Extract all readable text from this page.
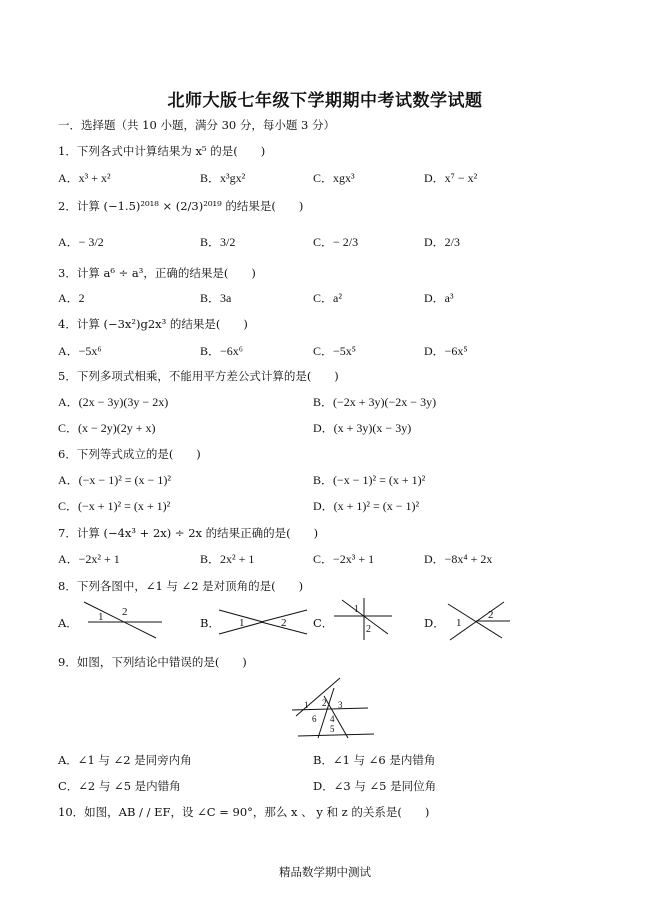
北师大版七年级下学期期中考试数学试题
一．选择题（共 10 小题，满分 30 分，每小题 3 分）
1．下列各式中计算结果为 x⁵ 的是(　　)
A．x³ + x²	B．x³gx²	C．xgx³	D．x⁷ − x²
2．计算 (−1.5)²⁰¹⁸ × (2/3)²⁰¹⁹ 的结果是(　　)
A．− 3/2	B．3/2	C．− 2/3	D．2/3
3．计算 a⁶ ÷ a³，正确的结果是(　　)
A．2	B．3a	C．a²	D．a³
4．计算 (−3x²)g2x³ 的结果是(　　)
A．−5x⁶	B．−6x⁶	C．−5x⁵	D．−6x⁵
5．下列多项式相乘，不能用平方差公式计算的是(　　)
A．(2x − 3y)(3y − 2x)	B．(−2x + 3y)(−2x − 3y)
C．(x − 2y)(2y + x)	D．(x + 3y)(x − 3y)
6．下列等式成立的是(　　)
A．(−x − 1)² = (x − 1)²	B．(−x − 1)² = (x + 1)²
C．(−x + 1)² = (x + 1)²	D．(x + 1)² = (x − 1)²
7．计算 (−4x³ + 2x) ÷ 2x 的结果正确的是(　　)
A．−2x² + 1	B．2x² + 1	C．−2x³ + 1	D．−8x⁴ + 2x
8．下列各图中，∠1 与 ∠2 是对顶角的是(　　)
A．	B．	C．	D．
1 2
1	2
1
2
1
2
9．如图，下列结论中错误的是(　　)
1 2 3
4
5
6
A．∠1 与 ∠2 是同旁内角	B．∠1 与 ∠6 是内错角
C．∠2 与 ∠5 是内错角	D．∠3 与 ∠5 是同位角
10．如图，AB / / EF，设 ∠C = 90°，那么 x 、 y 和 z 的关系是(　　)
精品数学期中测试
